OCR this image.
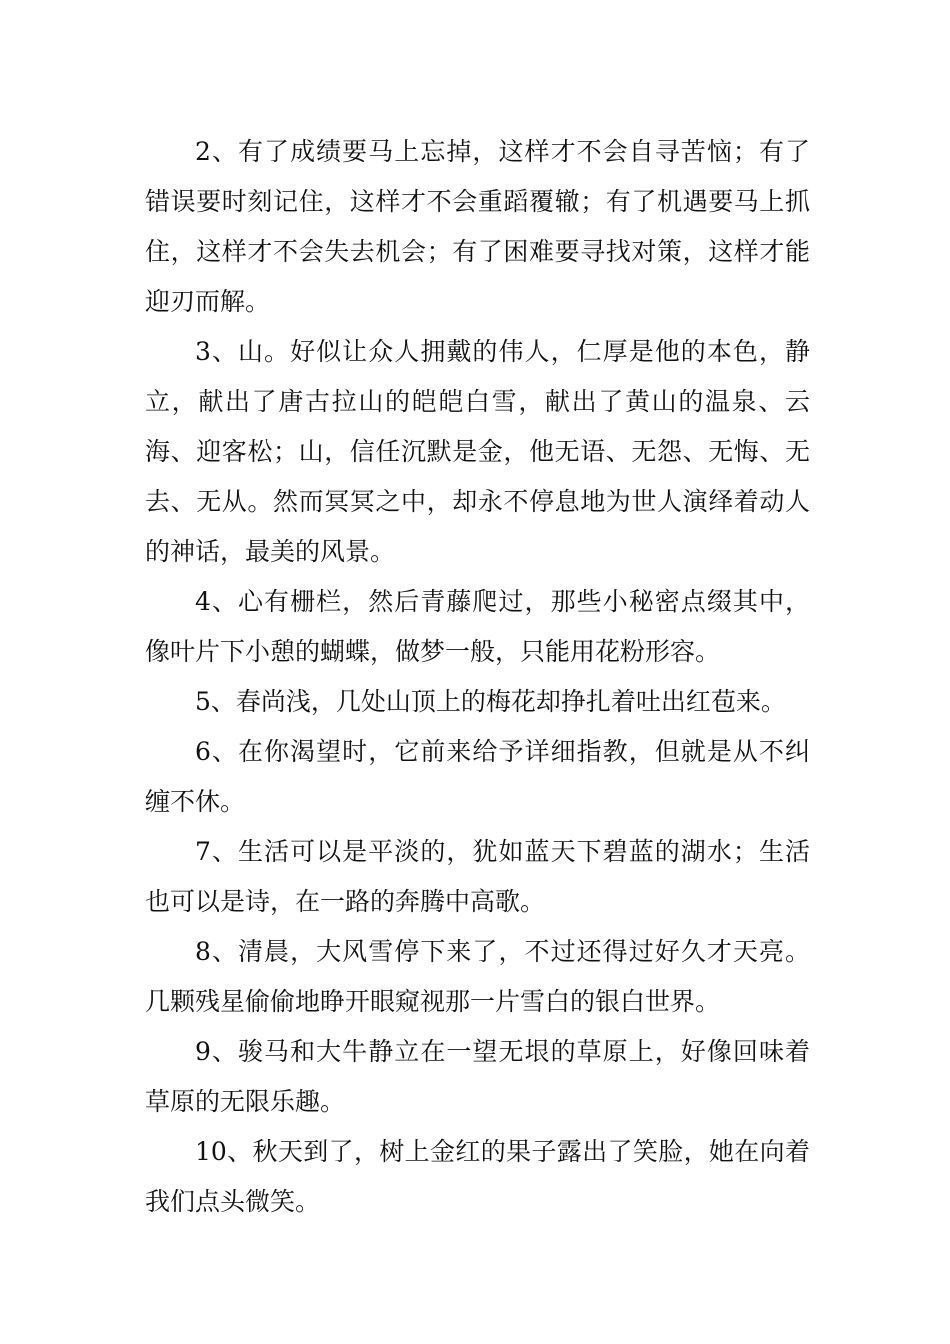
2、有了成绩要马上忘掉，这样才不会自寻苦恼；有了错误要时刻记住，这样才不会重蹈覆辙；有了机遇要马上抓住，这样才不会失去机会；有了困难要寻找对策，这样才能迎刃而解。

3、山。好似让众人拥戴的伟人，仁厚是他的本色，静立，献出了唐古拉山的皑皑白雪，献出了黄山的温泉、云海、迎客松；山，信任沉默是金，他无语、无怨、无悔、无去、无从。然而冥冥之中，却永不停息地为世人演绎着动人的神话，最美的风景。

4、心有栅栏，然后青藤爬过，那些小秘密点缀其中，像叶片下小憩的蝴蝶，做梦一般，只能用花粉形容。

5、春尚浅，几处山顶上的梅花却挣扎着吐出红苞来。

6、在你渴望时，它前来给予详细指教，但就是从不纠缠不休。

7、生活可以是平淡的，犹如蓝天下碧蓝的湖水；生活也可以是诗，在一路的奔腾中高歌。

8、清晨，大风雪停下来了，不过还得过好久才天亮。几颗残星偷偷地睁开眼窥视那一片雪白的银白世界。

9、骏马和大牛静立在一望无垠的草原上，好像回味着草原的无限乐趣。

10、秋天到了，树上金红的果子露出了笑脸，她在向着我们点头微笑。
